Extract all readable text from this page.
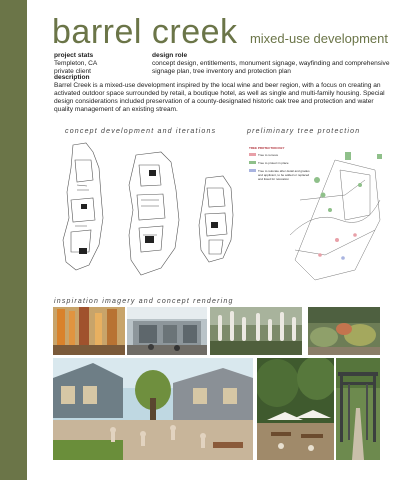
barrel creek mixed-use development
project stats
Templeton, CA
private client
design role
concept design, entitlements, monument signage, wayfinding and comprehensive
signage plan, tree inventory and protection plan
description
Barrel Creek is a mixed-use development inspired by the local wine and beer region, with a focus on creating an activated outdoor space surrounded by retail, a boutique hotel, as well as single and multi-family housing. Special design considerations included preservation of a county-designated historic oak tree and protection and water quality management of an existing stream.
concept development and iterations	preliminary tree protection
TREE PROTECTION KEY
Tree to remove
Tree to protect in place
Tree to relocate after detail and grades and applicant, to be added or replaced and listed for relocation
inspiration imagery and concept rendering
